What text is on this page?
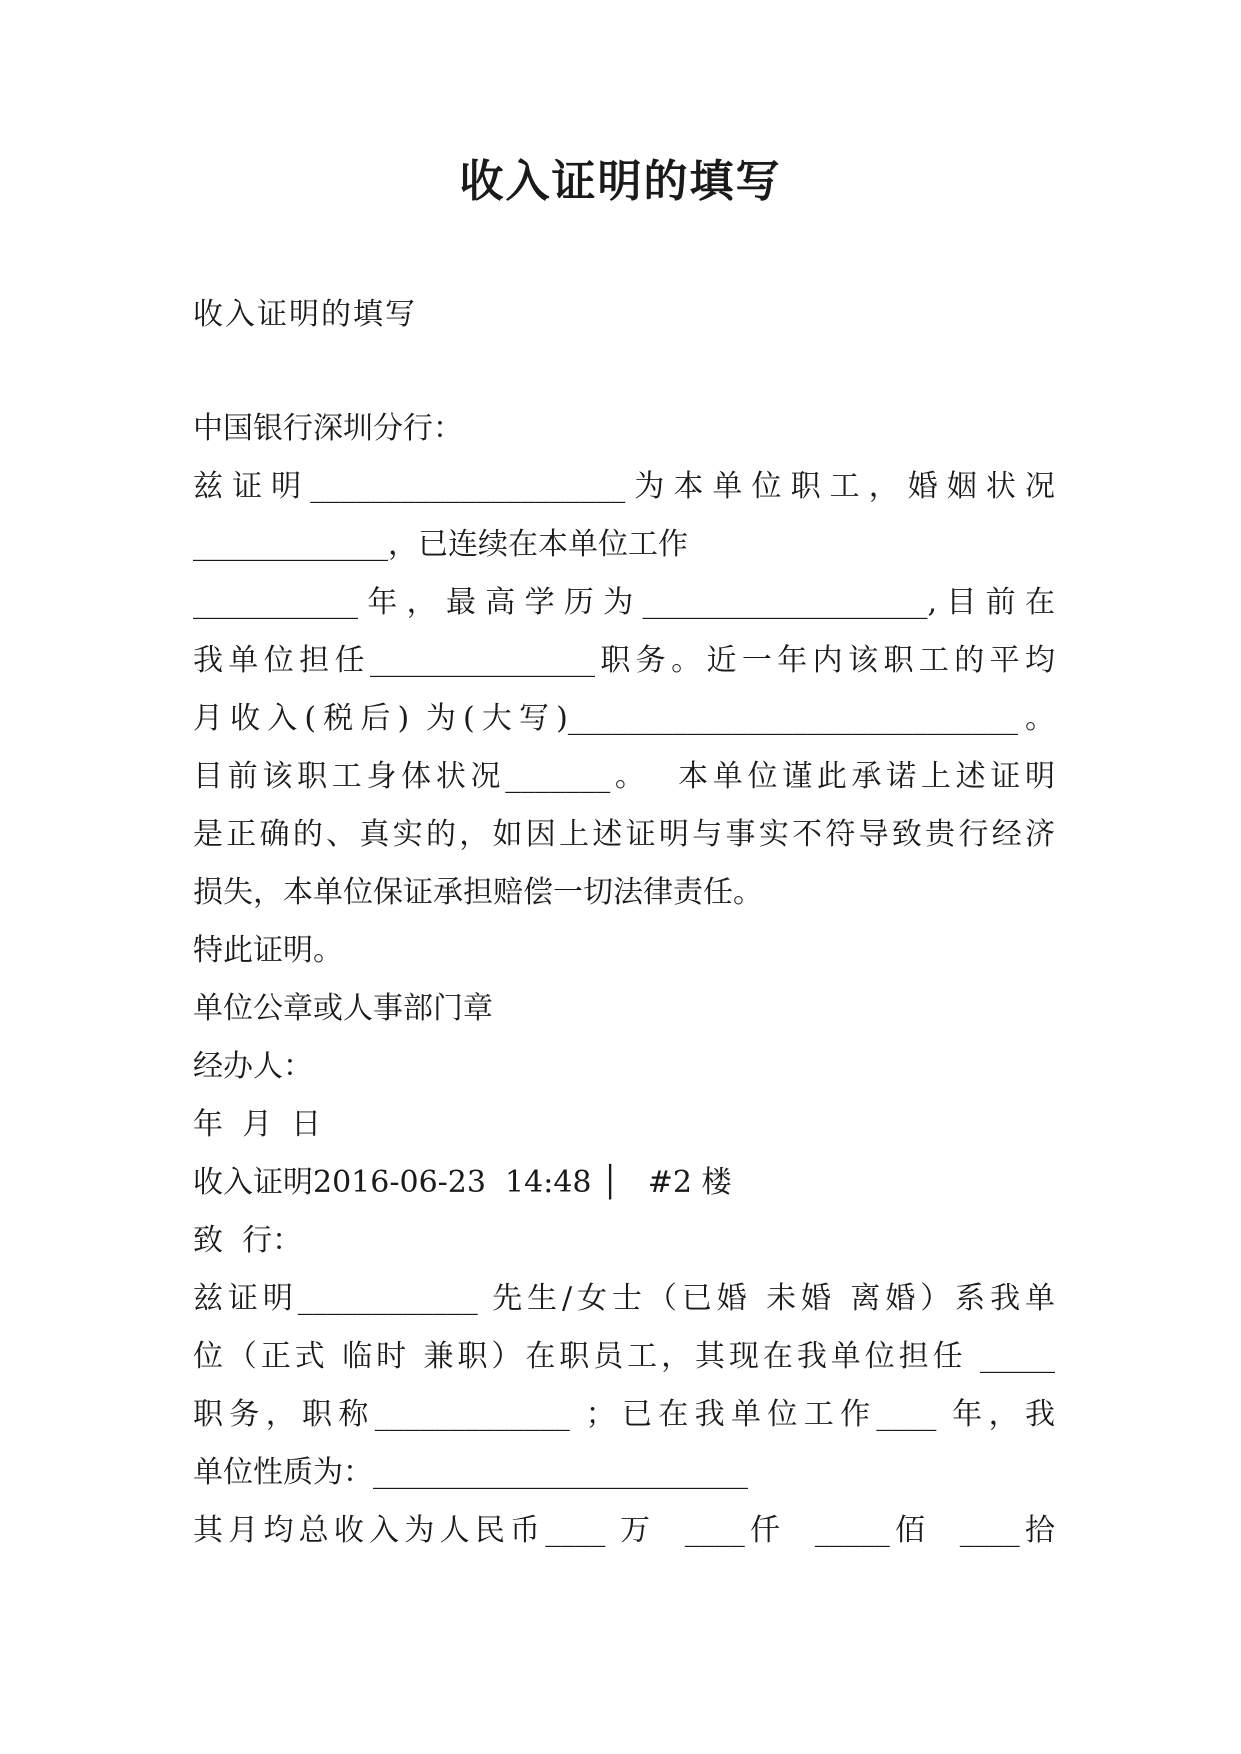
收入证明的填写
收入证明的填写
中国银行深圳分行：
兹证明_____________________为本单位职工，婚姻状况
_____________，已连续在本单位工作
___________年，最高学历为___________________,目前在
我单位担任_______________职务。近一年内该职工的平均
月收入(税后) 为(大写)______________________________。
目前该职工身体状况_______。  本单位谨此承诺上述证明
是正确的、真实的，如因上述证明与事实不符导致贵行经济
损失，本单位保证承担赔偿一切法律责任。
特此证明。
单位公章或人事部门章
经办人：
年  月  日
收入证明2016-06-23  14:48 │   #2 楼
致  行：
兹证明____________ 先生/女士（已婚 未婚 离婚）系我单
位（正式 临时 兼职）在职员工，其现在我单位担任 _____
职务，职称_____________ ；已在我单位工作____ 年，我
单位性质为：_________________________
其月均总收入为人民币____ 万  ____仟  _____佰  ____拾
